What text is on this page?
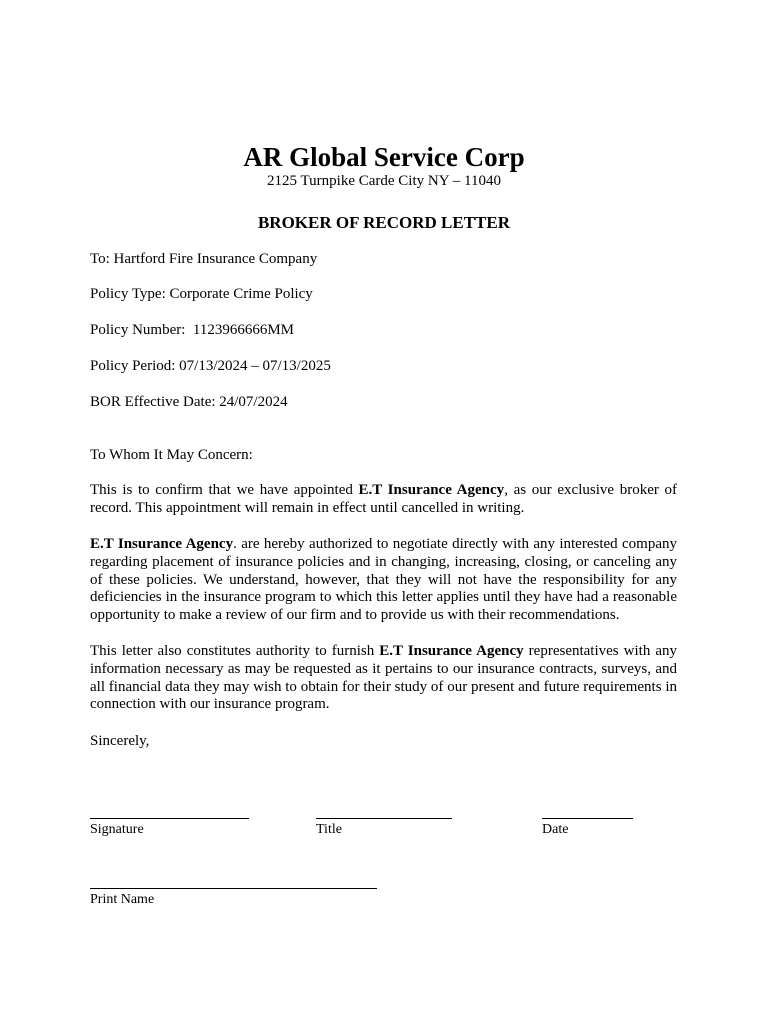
AR Global Service Corp
2125 Turnpike Carde City NY – 11040
BROKER OF RECORD LETTER
To: Hartford Fire Insurance Company
Policy Type: Corporate Crime Policy
Policy Number:  1123966666MM
Policy Period: 07/13/2024 – 07/13/2025
BOR Effective Date: 24/07/2024
To Whom It May Concern:
This is to confirm that we have appointed E.T Insurance Agency, as our exclusive broker of record. This appointment will remain in effect until cancelled in writing.
E.T Insurance Agency. are hereby authorized to negotiate directly with any interested company regarding placement of insurance policies and in changing, increasing, closing, or canceling any of these policies. We understand, however, that they will not have the responsibility for any deficiencies in the insurance program to which this letter applies until they have had a reasonable opportunity to make a review of our firm and to provide us with their recommendations.
This letter also constitutes authority to furnish E.T Insurance Agency representatives with any information necessary as may be requested as it pertains to our insurance contracts, surveys, and all financial data they may wish to obtain for their study of our present and future requirements in connection with our insurance program.
Sincerely,
Signature	Title	Date
Print Name
